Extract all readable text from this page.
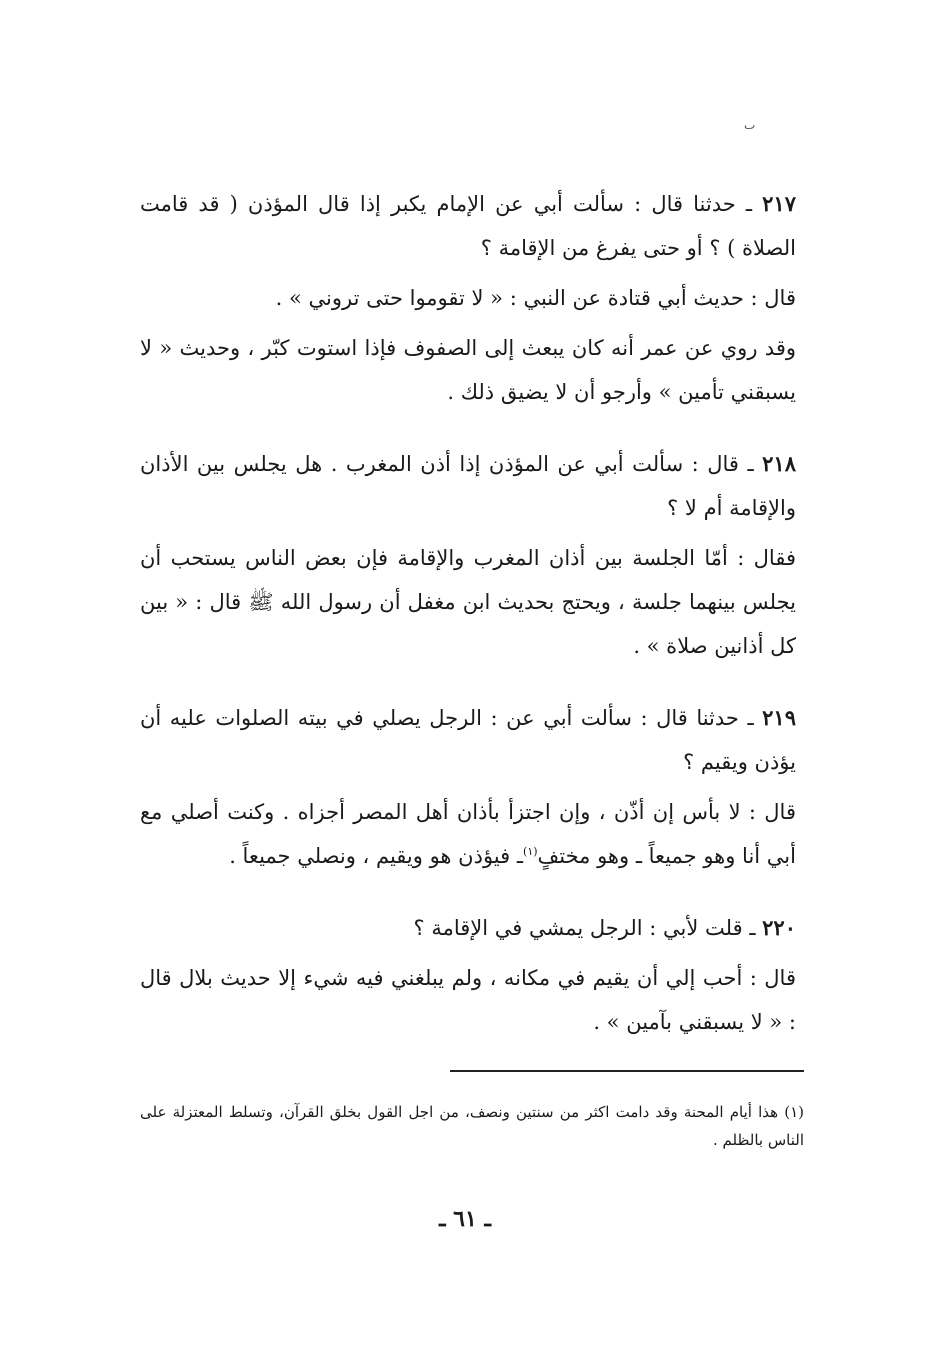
ٮ

٢١٧ ـ حدثنا قال : سألت أبي عن الإمام يكبر إذا قال المؤذن ( قد قامت الصلاة ) ؟ أو حتى يفرغ من الإقامة ؟

قال : حديث أبي قتادة عن النبي : « لا تقوموا حتى تروني » .

وقد روي عن عمر أنه كان يبعث إلى الصفوف فإذا استوت كبّر ، وحديث « لا يسبقني تأمين » وأرجو أن لا يضيق ذلك .

٢١٨ ـ قال : سألت أبي عن المؤذن إذا أذن المغرب . هل يجلس بين الأذان والإقامة أم لا ؟

فقال : أمّا الجلسة بين أذان المغرب والإقامة فإن بعض الناس يستحب أن يجلس بينهما جلسة ، ويحتج بحديث ابن مغفل أن رسول الله ﷺ قال : « بين كل أذانين صلاة » .

٢١٩ ـ حدثنا قال : سألت أبي عن : الرجل يصلي في بيته الصلوات عليه أن يؤذن ويقيم ؟

قال : لا بأس إن أذّن ، وإن اجتزأ بأذان أهل المصر أجزاه . وكنت أصلي مع أبي أنا وهو جميعاً ـ وهو مختفٍ$^{(١)}$ـ فيؤذن هو ويقيم ، ونصلي جميعاً .

٢٢٠ ـ قلت لأبي : الرجل يمشي في الإقامة ؟

قال : أحب إلي أن يقيم في مكانه ، ولم يبلغني فيه شيء إلا حديث بلال قال : « لا يسبقني بآمين » .

(١) هذا أيام المحنة وقد دامت اكثر من سنتين ونصف، من اجل القول بخلق القرآن، وتسلط المعتزلة على الناس بالظلم .
ـ ٦١ ـ
